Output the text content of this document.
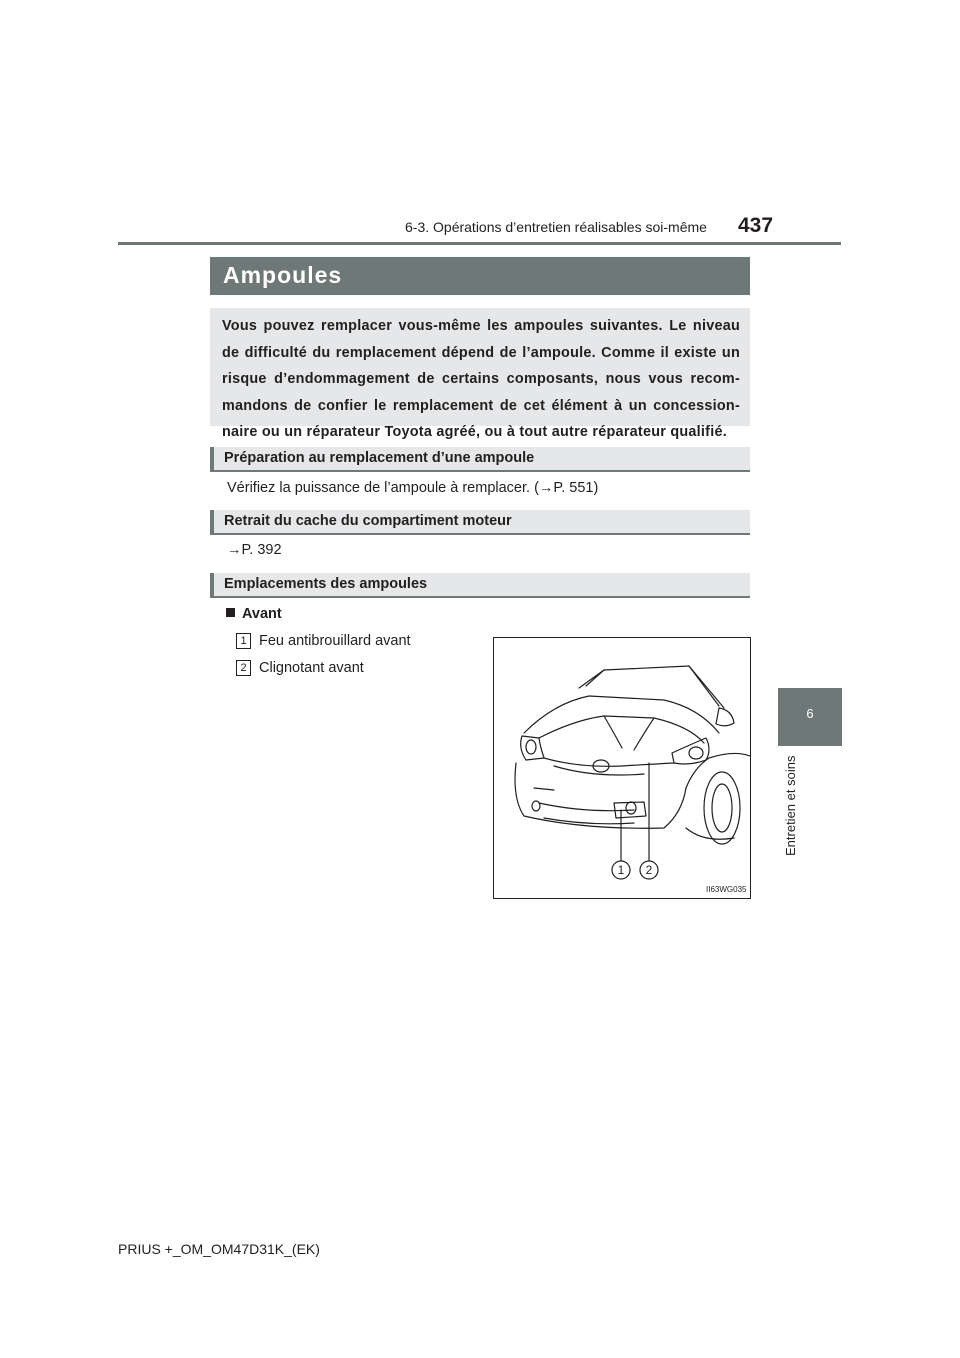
6-3. Opérations d’entretien réalisables soi-même 437
6
Entretien et soins
Ampoules
Vous pouvez remplacer vous-même les ampoules suivantes. Le niveau de difficulté du remplacement dépend de l’ampoule. Comme il existe un risque d’endommagement de certains composants, nous vous recom-mandons de confier le remplacement de cet élément à un concession-naire ou un réparateur Toyota agréé, ou à tout autre réparateur qualifié.
Préparation au remplacement d’une ampoule
Vérifiez la puissance de l’ampoule à remplacer. (→P. 551)
Retrait du cache du compartiment moteur
→P. 392
Emplacements des ampoules
Avant
1 Feu antibrouillard avant
2 Clignotant avant
1 2
II63WG035
PRIUS +_OM_OM47D31K_(EK)
